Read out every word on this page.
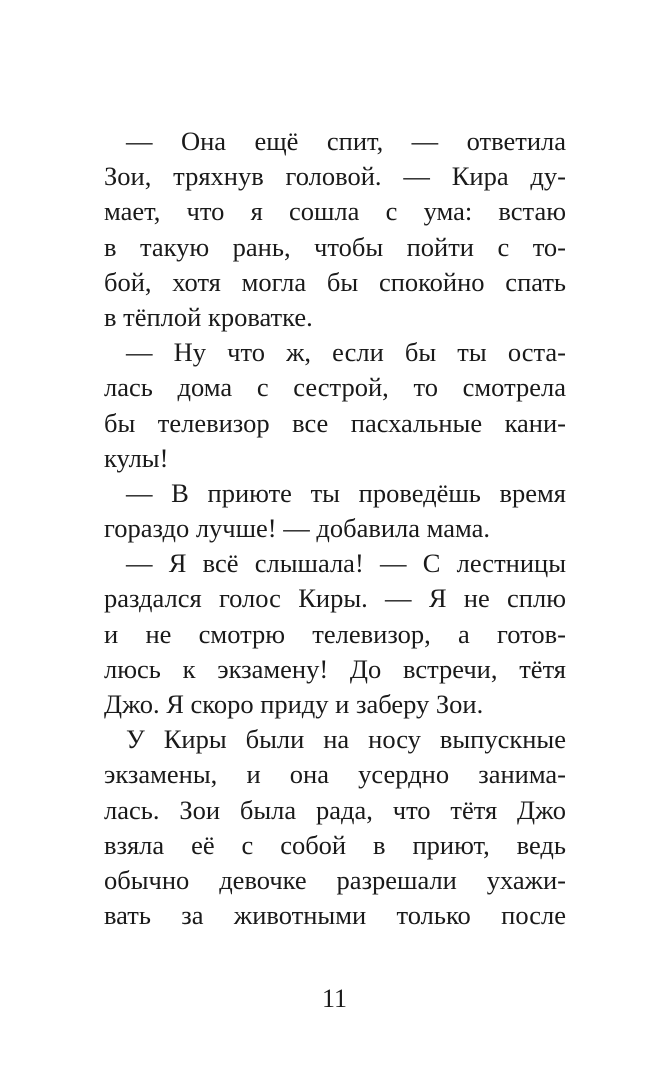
— Она ещё спит, — ответила
Зои, тряхнув головой. — Кира ду-
мает, что я сошла с ума: встаю
в такую рань, чтобы пойти с то-
бой, хотя могла бы спокойно спать
в тёплой кроватке.
— Ну что ж, если бы ты оста-
лась дома с сестрой, то смотрела
бы телевизор все пасхальные кани-
кулы!
— В приюте ты проведёшь время
гораздо лучше! — добавила мама.
— Я всё слышала! — С лестницы
раздался голос Киры. — Я не сплю
и не смотрю телевизор, а готов-
люсь к экзамену! До встречи, тётя
Джо. Я скоро приду и заберу Зои.
У Киры были на носу выпускные
экзамены, и она усердно занима-
лась. Зои была рада, что тётя Джо
взяла её с собой в приют, ведь
обычно девочке разрешали ухажи-
вать за животными только после
11
